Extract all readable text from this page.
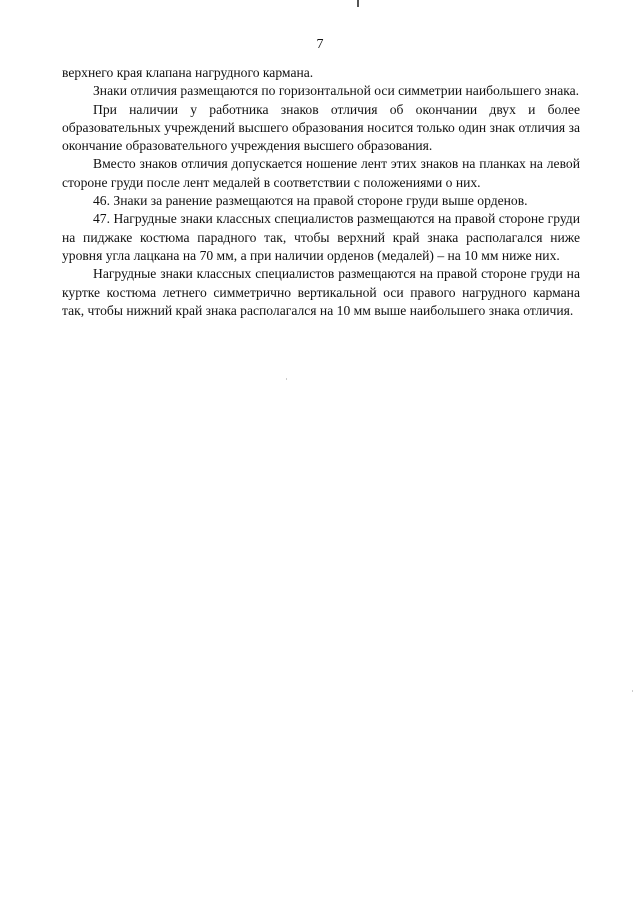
7

верхнего края клапана нагрудного кармана.

Знаки отличия размещаются по горизонтальной оси симметрии наибольшего знака.

При наличии у работника знаков отличия об окончании двух и более образовательных учреждений высшего образования носится только один знак отличия за окончание образовательного учреждения высшего образования.

Вместо знаков отличия допускается ношение лент этих знаков на планках на левой стороне груди после лент медалей в соответствии с положениями о них.

46. Знаки за ранение размещаются на правой стороне груди выше орденов.

47. Нагрудные знаки классных специалистов размещаются на правой стороне груди на пиджаке костюма парадного так, чтобы верхний край знака располагался ниже уровня угла лацкана на 70 мм, а при наличии орденов (медалей) – на 10 мм ниже них.

Нагрудные знаки классных специалистов размещаются на правой стороне груди на куртке костюма летнего симметрично вертикальной оси правого нагрудного кармана так, чтобы нижний край знака располагался на 10 мм выше наибольшего знака отличия.
